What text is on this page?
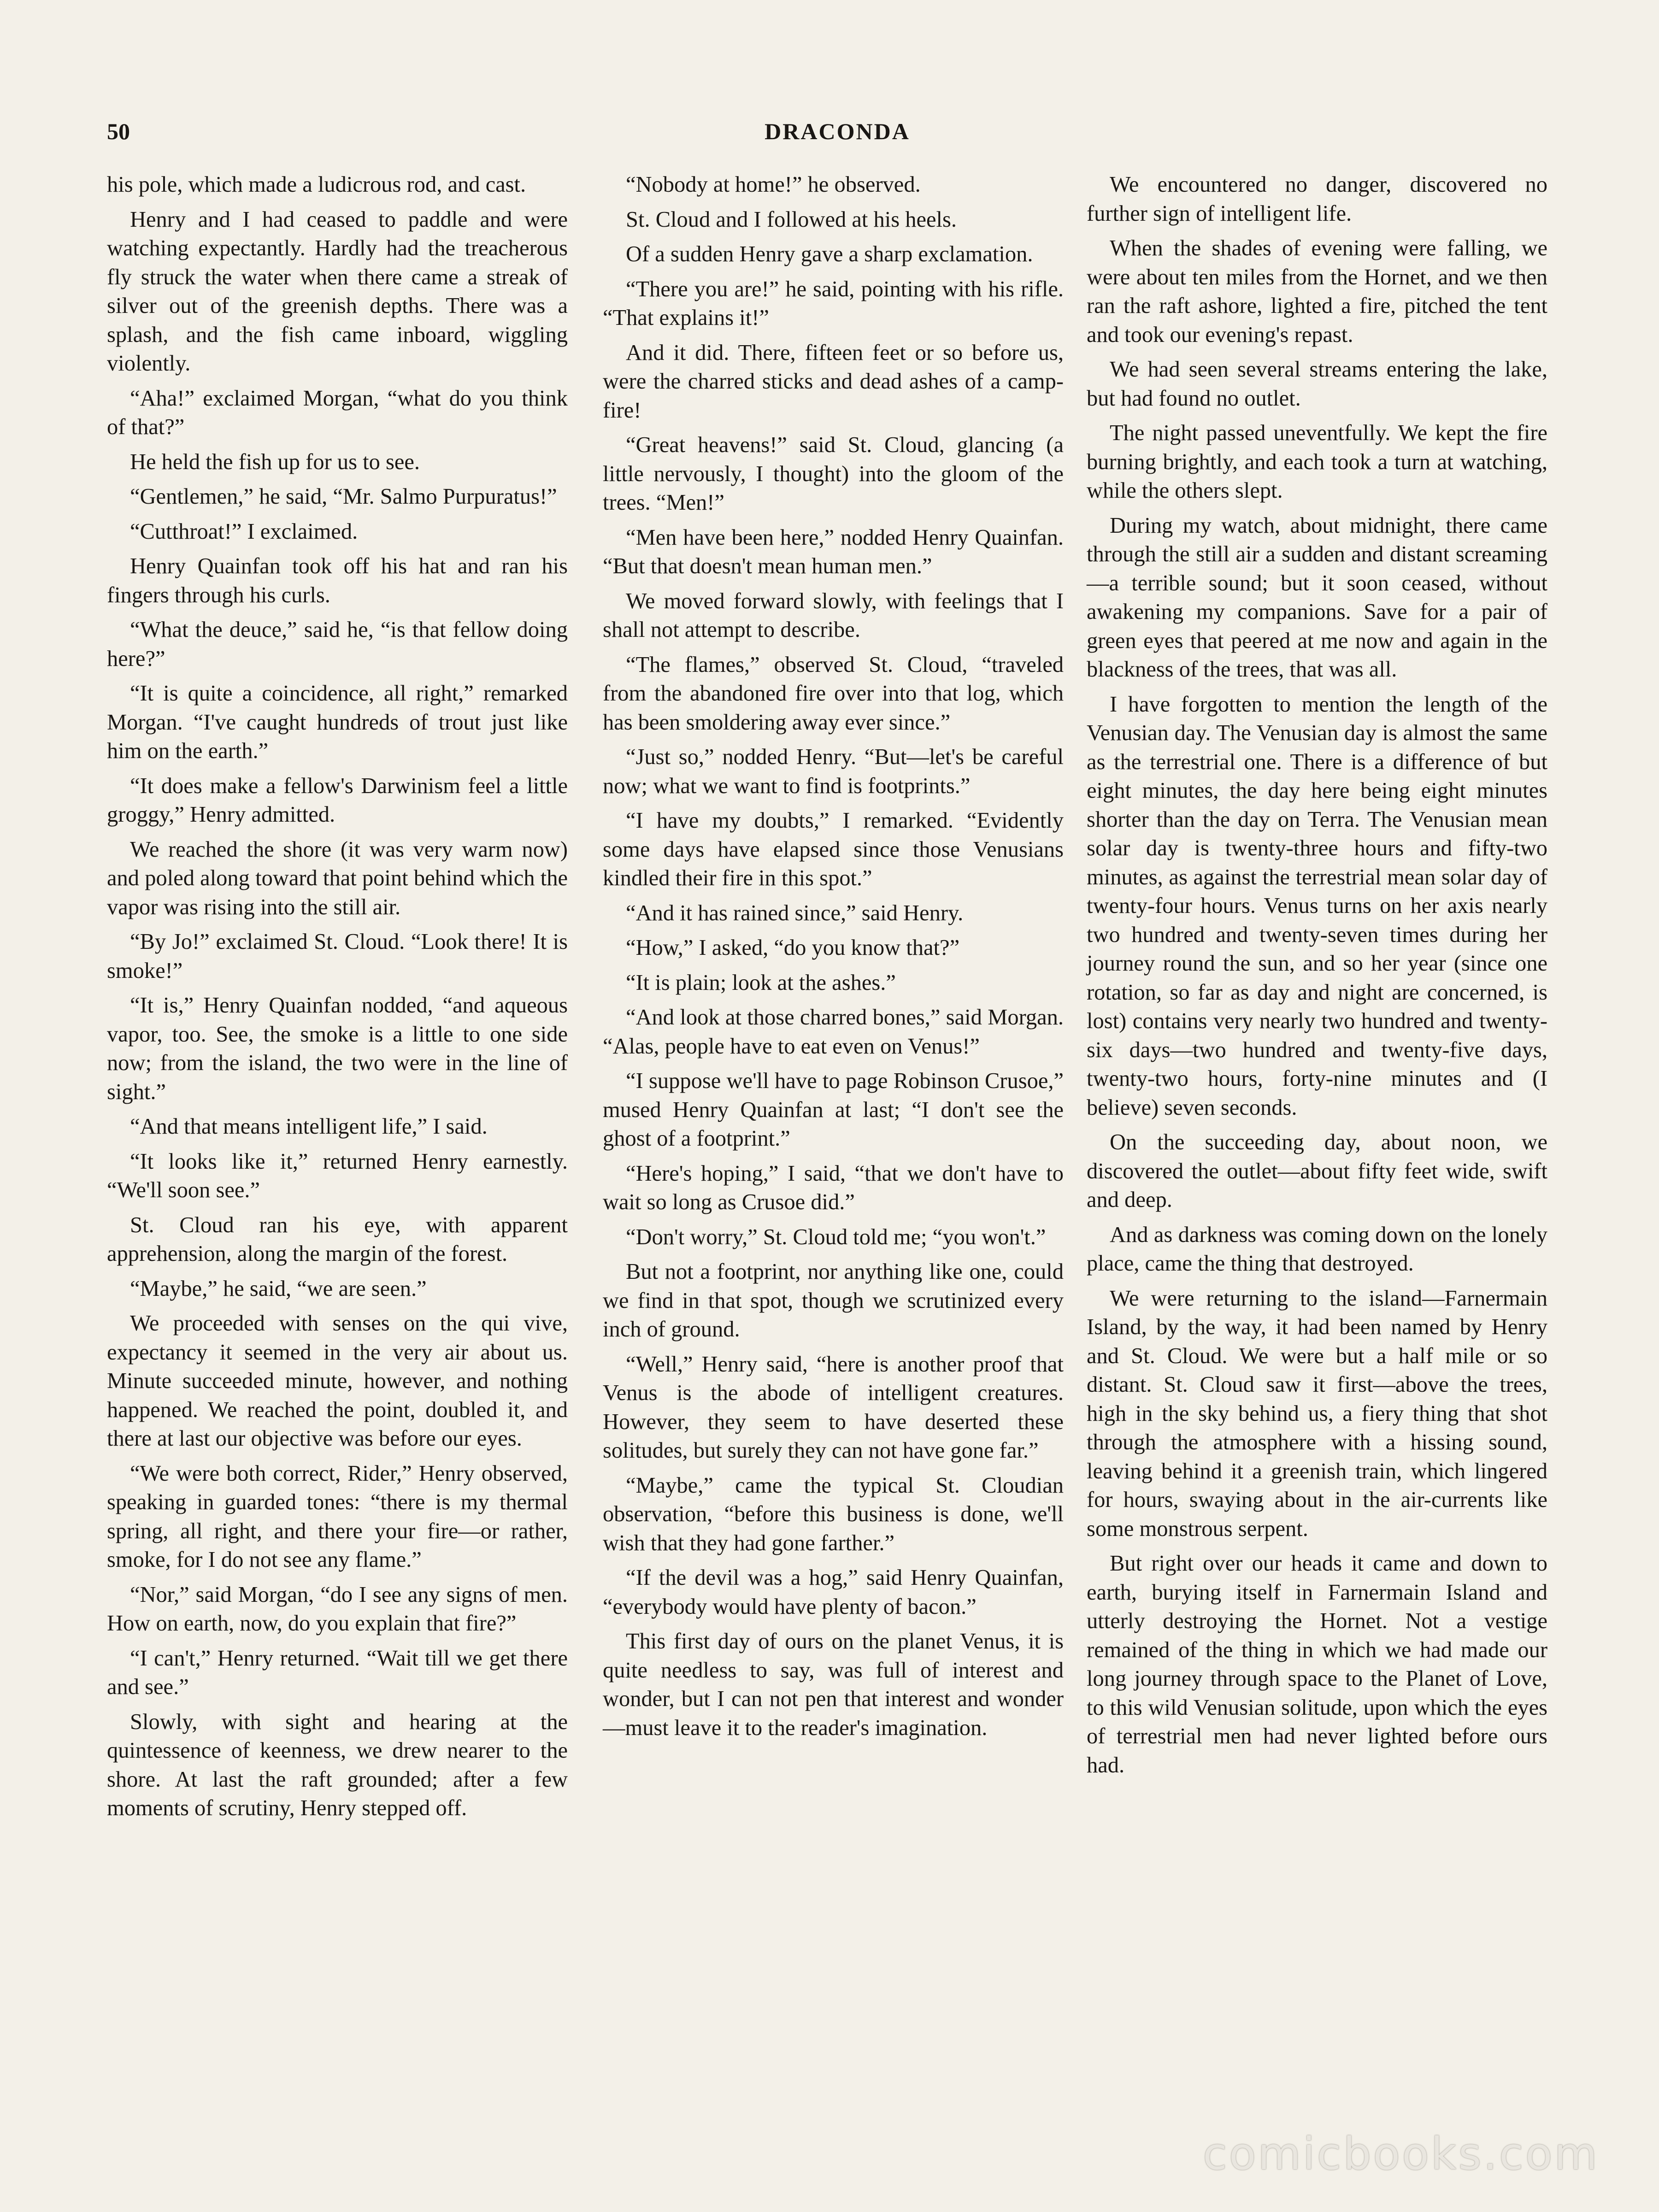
50	DRACONDA

his pole, which made a ludicrous rod, and cast.

Henry and I had ceased to paddle and were watching expectantly. Hardly had the treacherous fly struck the water when there came a streak of silver out of the greenish depths. There was a splash, and the fish came inboard, wiggling violently.

“Aha!” exclaimed Morgan, “what do you think of that?”

He held the fish up for us to see.

“Gentlemen,” he said, “Mr. Salmo Purpuratus!”

“Cutthroat!” I exclaimed.

Henry Quainfan took off his hat and ran his fingers through his curls.

“What the deuce,” said he, “is that fellow doing here?”

“It is quite a coincidence, all right,” remarked Morgan. “I've caught hundreds of trout just like him on the earth.”

“It does make a fellow's Darwinism feel a little groggy,” Henry admitted.

We reached the shore (it was very warm now) and poled along toward that point behind which the vapor was rising into the still air.

“By Jo!” exclaimed St. Cloud. “Look there! It is smoke!”

“It is,” Henry Quainfan nodded, “and aqueous vapor, too. See, the smoke is a little to one side now; from the island, the two were in the line of sight.”

“And that means intelligent life,” I said.

“It looks like it,” returned Henry earnestly. “We'll soon see.”

St. Cloud ran his eye, with apparent apprehension, along the margin of the forest.

“Maybe,” he said, “we are seen.”

We proceeded with senses on the qui vive, expectancy it seemed in the very air about us. Minute succeeded minute, however, and nothing happened. We reached the point, doubled it, and there at last our objective was before our eyes.

“We were both correct, Rider,” Henry observed, speaking in guarded tones: “there is my thermal spring, all right, and there your fire—or rather, smoke, for I do not see any flame.”

“Nor,” said Morgan, “do I see any signs of men. How on earth, now, do you explain that fire?”

“I can't,” Henry returned. “Wait till we get there and see.”

Slowly, with sight and hearing at the quintessence of keenness, we drew nearer to the shore. At last the raft grounded; after a few moments of scrutiny, Henry stepped off.

“Nobody at home!” he observed.

St. Cloud and I followed at his heels.

Of a sudden Henry gave a sharp exclamation.

“There you are!” he said, pointing with his rifle. “That explains it!”

And it did. There, fifteen feet or so before us, were the charred sticks and dead ashes of a camp-fire!

“Great heavens!” said St. Cloud, glancing (a little nervously, I thought) into the gloom of the trees. “Men!”

“Men have been here,” nodded Henry Quainfan. “But that doesn't mean human men.”

We moved forward slowly, with feelings that I shall not attempt to describe.

“The flames,” observed St. Cloud, “traveled from the abandoned fire over into that log, which has been smoldering away ever since.”

“Just so,” nodded Henry. “But—let's be careful now; what we want to find is footprints.”

“I have my doubts,” I remarked. “Evidently some days have elapsed since those Venusians kindled their fire in this spot.”

“And it has rained since,” said Henry.

“How,” I asked, “do you know that?”

“It is plain; look at the ashes.”

“And look at those charred bones,” said Morgan. “Alas, people have to eat even on Venus!”

“I suppose we'll have to page Robinson Crusoe,” mused Henry Quainfan at last; “I don't see the ghost of a footprint.”

“Here's hoping,” I said, “that we don't have to wait so long as Crusoe did.”

“Don't worry,” St. Cloud told me; “you won't.”

But not a footprint, nor anything like one, could we find in that spot, though we scrutinized every inch of ground.

“Well,” Henry said, “here is another proof that Venus is the abode of intelligent creatures. However, they seem to have deserted these solitudes, but surely they can not have gone far.”

“Maybe,” came the typical St. Cloudian observation, “before this business is done, we'll wish that they had gone farther.”

“If the devil was a hog,” said Henry Quainfan, “everybody would have plenty of bacon.”

This first day of ours on the planet Venus, it is quite needless to say, was full of interest and wonder, but I can not pen that interest and wonder—must leave it to the reader's imagination.

We encountered no danger, discovered no further sign of intelligent life.

When the shades of evening were falling, we were about ten miles from the Hornet, and we then ran the raft ashore, lighted a fire, pitched the tent and took our evening's repast.

We had seen several streams entering the lake, but had found no outlet.

The night passed uneventfully. We kept the fire burning brightly, and each took a turn at watching, while the others slept.

During my watch, about midnight, there came through the still air a sudden and distant screaming—a terrible sound; but it soon ceased, without awakening my companions. Save for a pair of green eyes that peered at me now and again in the blackness of the trees, that was all.

I have forgotten to mention the length of the Venusian day. The Venusian day is almost the same as the terrestrial one. There is a difference of but eight minutes, the day here being eight minutes shorter than the day on Terra. The Venusian mean solar day is twenty-three hours and fifty-two minutes, as against the terrestrial mean solar day of twenty-four hours. Venus turns on her axis nearly two hundred and twenty-seven times during her journey round the sun, and so her year (since one rotation, so far as day and night are concerned, is lost) contains very nearly two hundred and twenty-six days—two hundred and twenty-five days, twenty-two hours, forty-nine minutes and (I believe) seven seconds.

On the succeeding day, about noon, we discovered the outlet—about fifty feet wide, swift and deep.

And as darkness was coming down on the lonely place, came the thing that destroyed.

We were returning to the island—Farnermain Island, by the way, it had been named by Henry and St. Cloud. We were but a half mile or so distant. St. Cloud saw it first—above the trees, high in the sky behind us, a fiery thing that shot through the atmosphere with a hissing sound, leaving behind it a greenish train, which lingered for hours, swaying about in the air-currents like some monstrous serpent.

But right over our heads it came and down to earth, burying itself in Farnermain Island and utterly destroying the Hornet. Not a vestige remained of the thing in which we had made our long journey through space to the Planet of Love, to this wild Venusian solitude, upon which the eyes of terrestrial men had never lighted before ours had.

comicbooks.com
